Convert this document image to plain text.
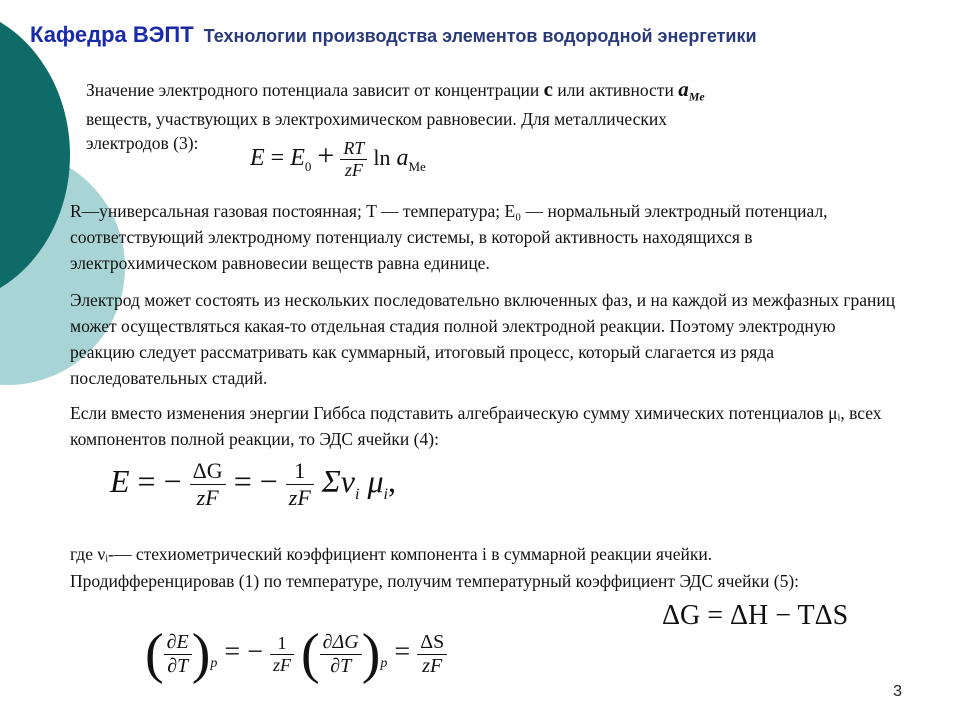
Кафедра ВЭПТ Технологии производства элементов водородной энергетики
Значение электродного потенциала зависит от концентрации c или активности $a_{Me}$
веществ, участвующих в электрохимическом равновесии. Для металлических
электродов (3):
$E = E_0 + \frac{RT}{zF}$ $\ln a_{Me}$
R—универсальная газовая постоянная; T — температура; E₀ — нормальный электродный потенциал, соответствующий электродному потенциалу системы, в которой активность находящихся в электрохимическом равновесии веществ равна единице.
Электрод может состоять из нескольких последовательно включенных фаз, и на каждой из межфазных границ может осуществляться какая-то отдельная стадия полной электродной реакции. Поэтому электродную реакцию следует рассматривать как суммарный, итоговый процесс, который слагается из ряда последовательных стадий.
Если вместо изменения энергии Гиббса подставить алгебраическую сумму химических потенциалов μᵢ, всех компонентов полной реакции, то ЭДС ячейки (4):
E = − $\frac{\Delta G}{zF}$ = − $\frac{1}{zF} \Sigma\nu_i$ $\mu_i$,
где νᵢ-— стехиометрический коэффициент компонента i в суммарной реакции ячейки.
Продифференцировав (1) по температуре, получим температурный коэффициент ЭДС ячейки (5):
ΔG = ΔH − TΔS
( $\frac{\partial E}{\partial T} )_p$ = − $\frac{1}{zF}$ ( $\frac{\partial\Delta G}{\partial T} )_p = \frac{\Delta S}{zF}$
3
